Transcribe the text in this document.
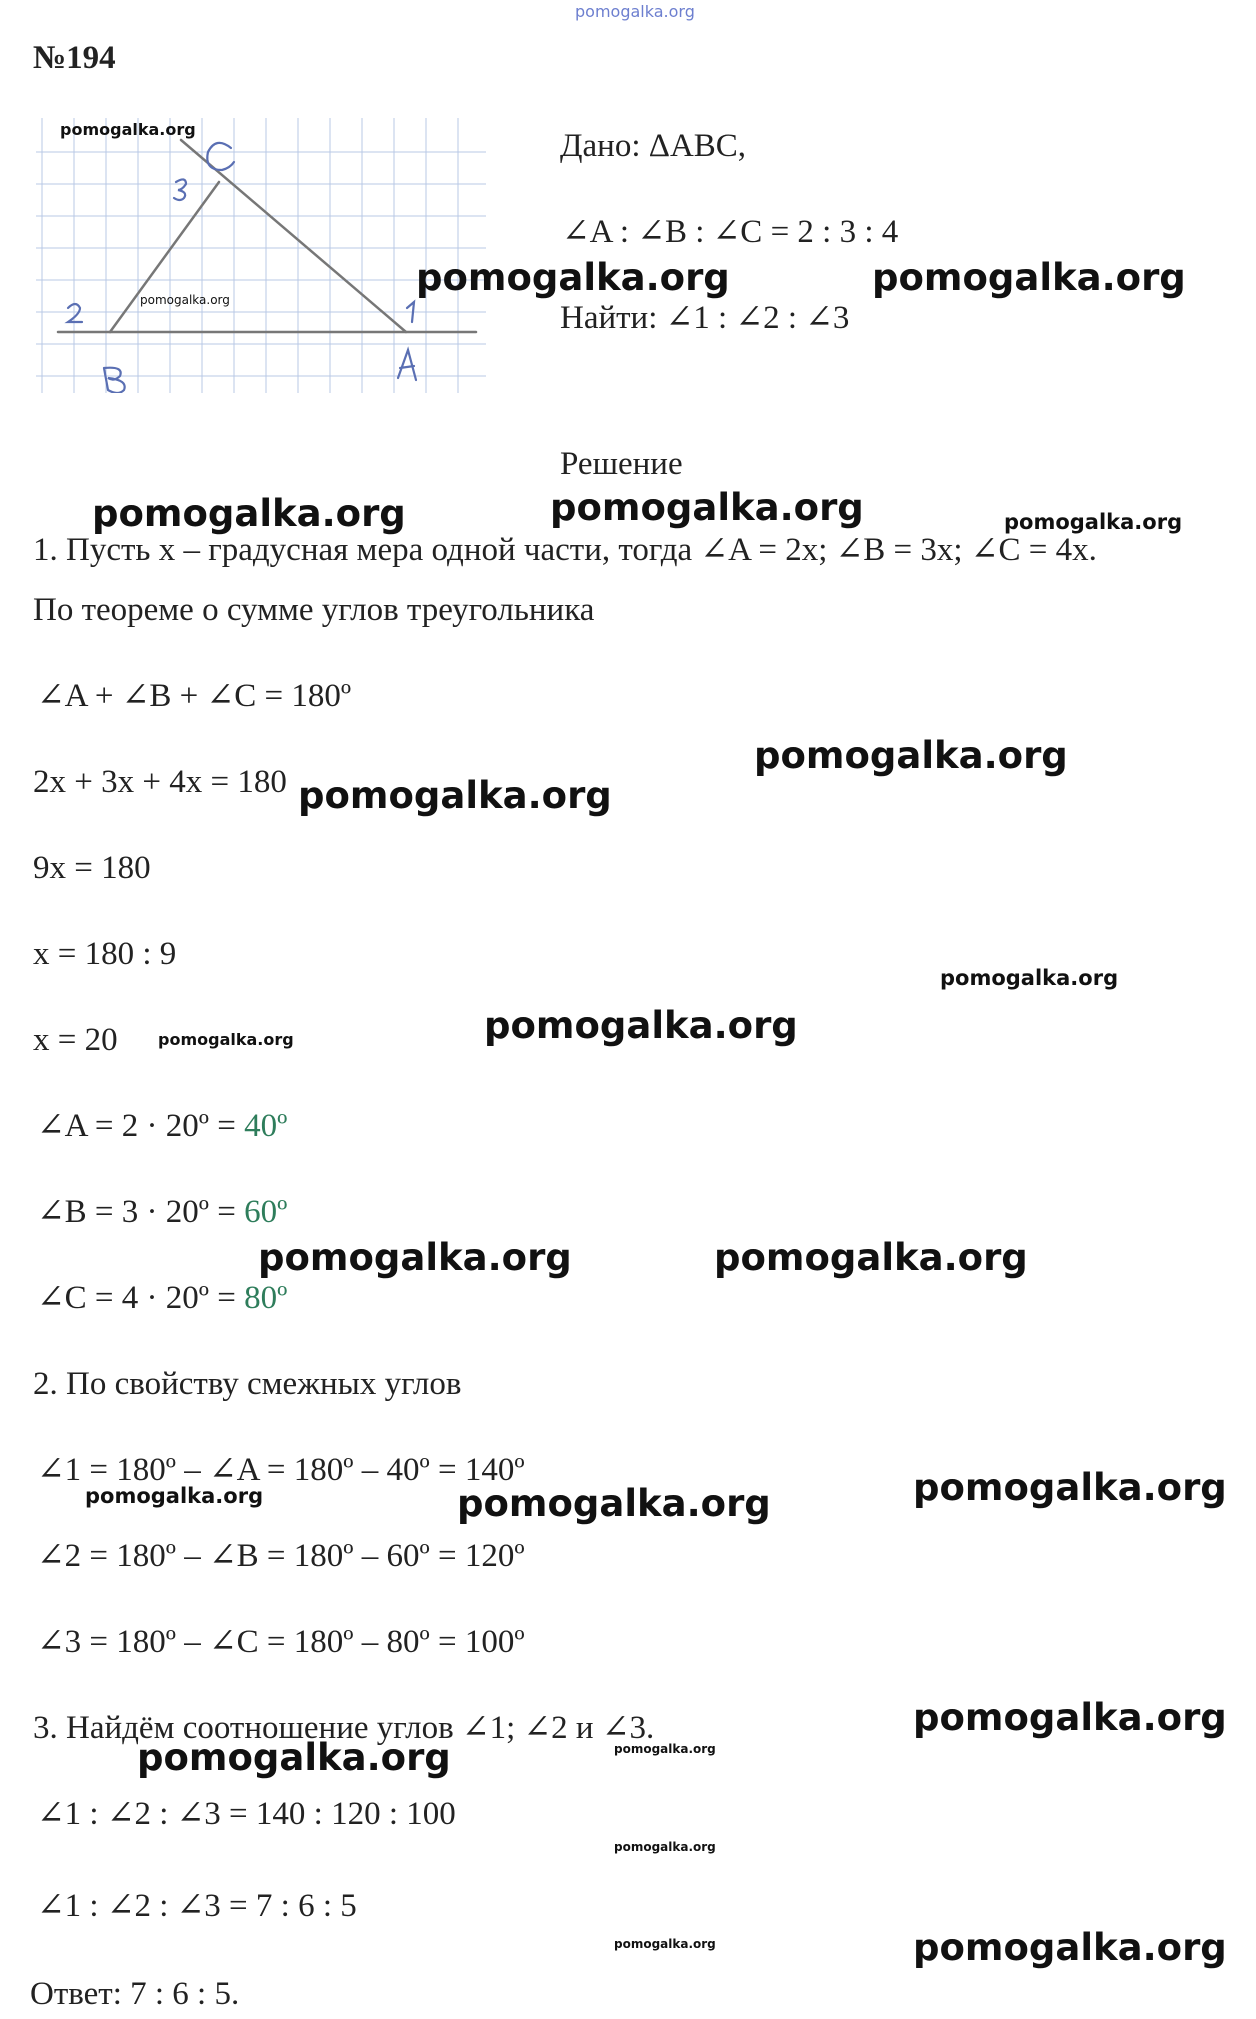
pomogalka.org
№194
pomogalka.org
pomogalka.org
Дано: ΔABC,
∠A : ∠B : ∠C = 2 : 3 : 4
Найти: ∠1 : ∠2 : ∠3
Решение
1. Пусть x – градусная мера одной части, тогда ∠A = 2x; ∠B = 3x; ∠C = 4x.
По теореме о сумме углов треугольника
∠A + ∠B + ∠C = 180º
2x + 3x + 4x = 180
9x = 180
x = 180 : 9
x = 20
∠A = 2 · 20º = 40º
∠B = 3 · 20º = 60º
∠C = 4 · 20º = 80º
2. По свойству смежных углов
∠1 = 180º – ∠A = 180º – 40º = 140º
∠2 = 180º – ∠B = 180º – 60º = 120º
∠3 = 180º – ∠C = 180º – 80º = 100º
3. Найдём соотношение углов ∠1; ∠2 и ∠3.
∠1 : ∠2 : ∠3 = 140 : 120 : 100
∠1 : ∠2 : ∠3 = 7 : 6 : 5
Ответ: 7 : 6 : 5.
pomogalka.org	pomogalka.org
pomogalka.org	pomogalka.org	pomogalka.org
pomogalka.org
pomogalka.org
pomogalka.org
pomogalka.org
pomogalka.org
pomogalka.org	pomogalka.org
pomogalka.org
pomogalka.org	pomogalka.org
pomogalka.org
pomogalka.org	pomogalka.org
pomogalka.org
pomogalka.org	pomogalka.org
